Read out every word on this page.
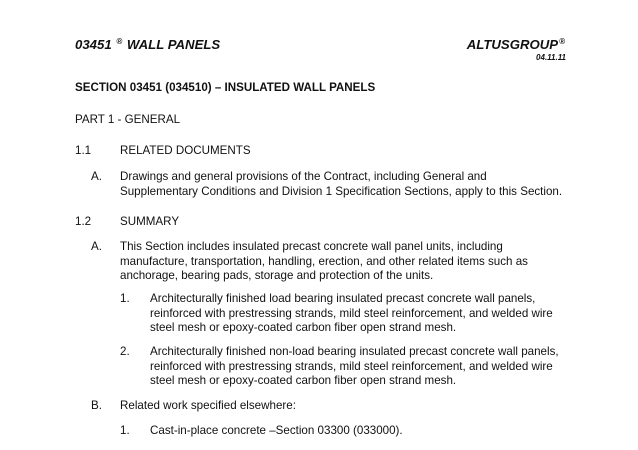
03451 ® WALL PANELS	ALTUSGROUP®
04.11.11
SECTION 03451 (034510) – INSULATED WALL PANELS
PART 1 - GENERAL
1.1 RELATED DOCUMENTS
A. Drawings and general provisions of the Contract, including General and
Supplementary Conditions and Division 1 Specification Sections, apply to this Section.
1.2 SUMMARY
A. This Section includes insulated precast concrete wall panel units, including
manufacture, transportation, handling, erection, and other related items such as
anchorage, bearing pads, storage and protection of the units.
1. Architecturally finished load bearing insulated precast concrete wall panels,
reinforced with prestressing strands, mild steel reinforcement, and welded wire
steel mesh or epoxy-coated carbon fiber open strand mesh.
2. Architecturally finished non-load bearing insulated precast concrete wall panels,
reinforced with prestressing strands, mild steel reinforcement, and welded wire
steel mesh or epoxy-coated carbon fiber open strand mesh.
B. Related work specified elsewhere:
1. Cast-in-place concrete –Section 03300 (033000).
